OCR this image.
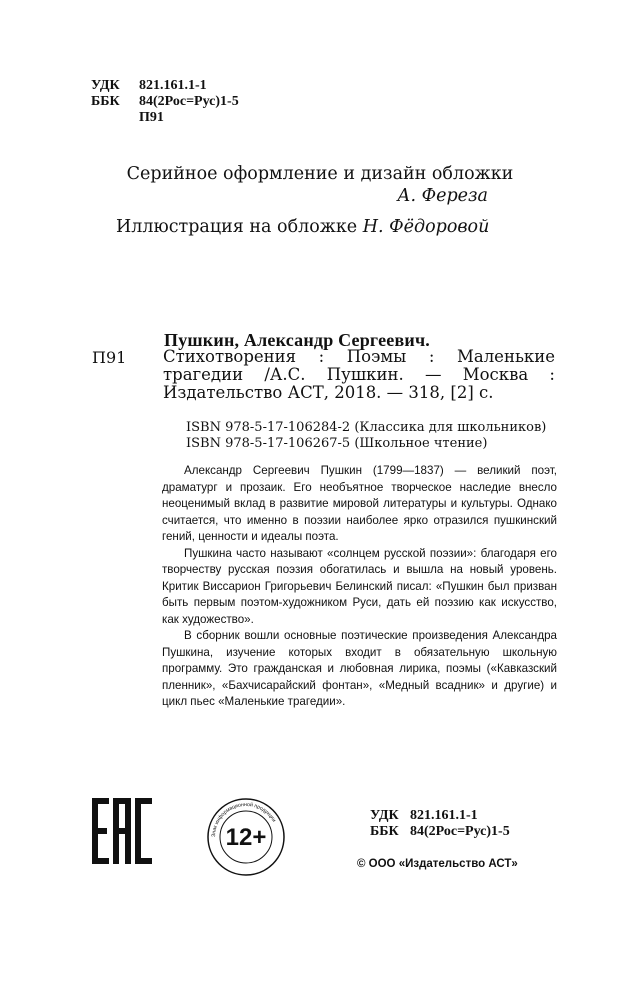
УДК 821.161.1-1
ББК 84(2Рос=Рус)1-5
П91
Серийное оформление и дизайн обложки
А. Фереза
Иллюстрация на обложке Н. Фёдоровой
Пушкин, Александр Сергеевич.
П91 Стихотворения : Поэмы : Маленькие трагедии /А.С. Пушкин. — Москва : Издательство АСТ, 2018. — 318, [2] с.
ISBN 978-5-17-106284-2 (Классика для школьников)
ISBN 978-5-17-106267-5 (Школьное чтение)

Александр Сергеевич Пушкин (1799—1837) — великий поэт, драматург и прозаик. Его необъятное творческое наследие внесло неоценимый вклад в развитие мировой литературы и культуры. Однако считается, что именно в поэзии наиболее ярко отразился пушкинский гений, ценности и идеалы поэта.

Пушкина часто называют «солнцем русской поэзии»: благодаря его творчеству русская поэзия обогатилась и вышла на новый уровень. Критик Виссарион Григорьевич Белинский писал: «Пушкин был призван быть первым поэтом-художником Руси, дать ей поэзию как искусство, как художество».

В сборник вошли основные поэтические произведения Александра Пушкина, изучение которых входит в обязательную школьную программу. Это гражданская и любовная лирика, поэмы («Кавказский пленник», «Бахчисарайский фонтан», «Медный всадник» и другие) и цикл пьес «Маленькие трагедии».

УДК 821.161.1-1
ББК 84(2Рос=Рус)1-5
Знак информационной продукции
12+
© ООО «Издательство АСТ»
